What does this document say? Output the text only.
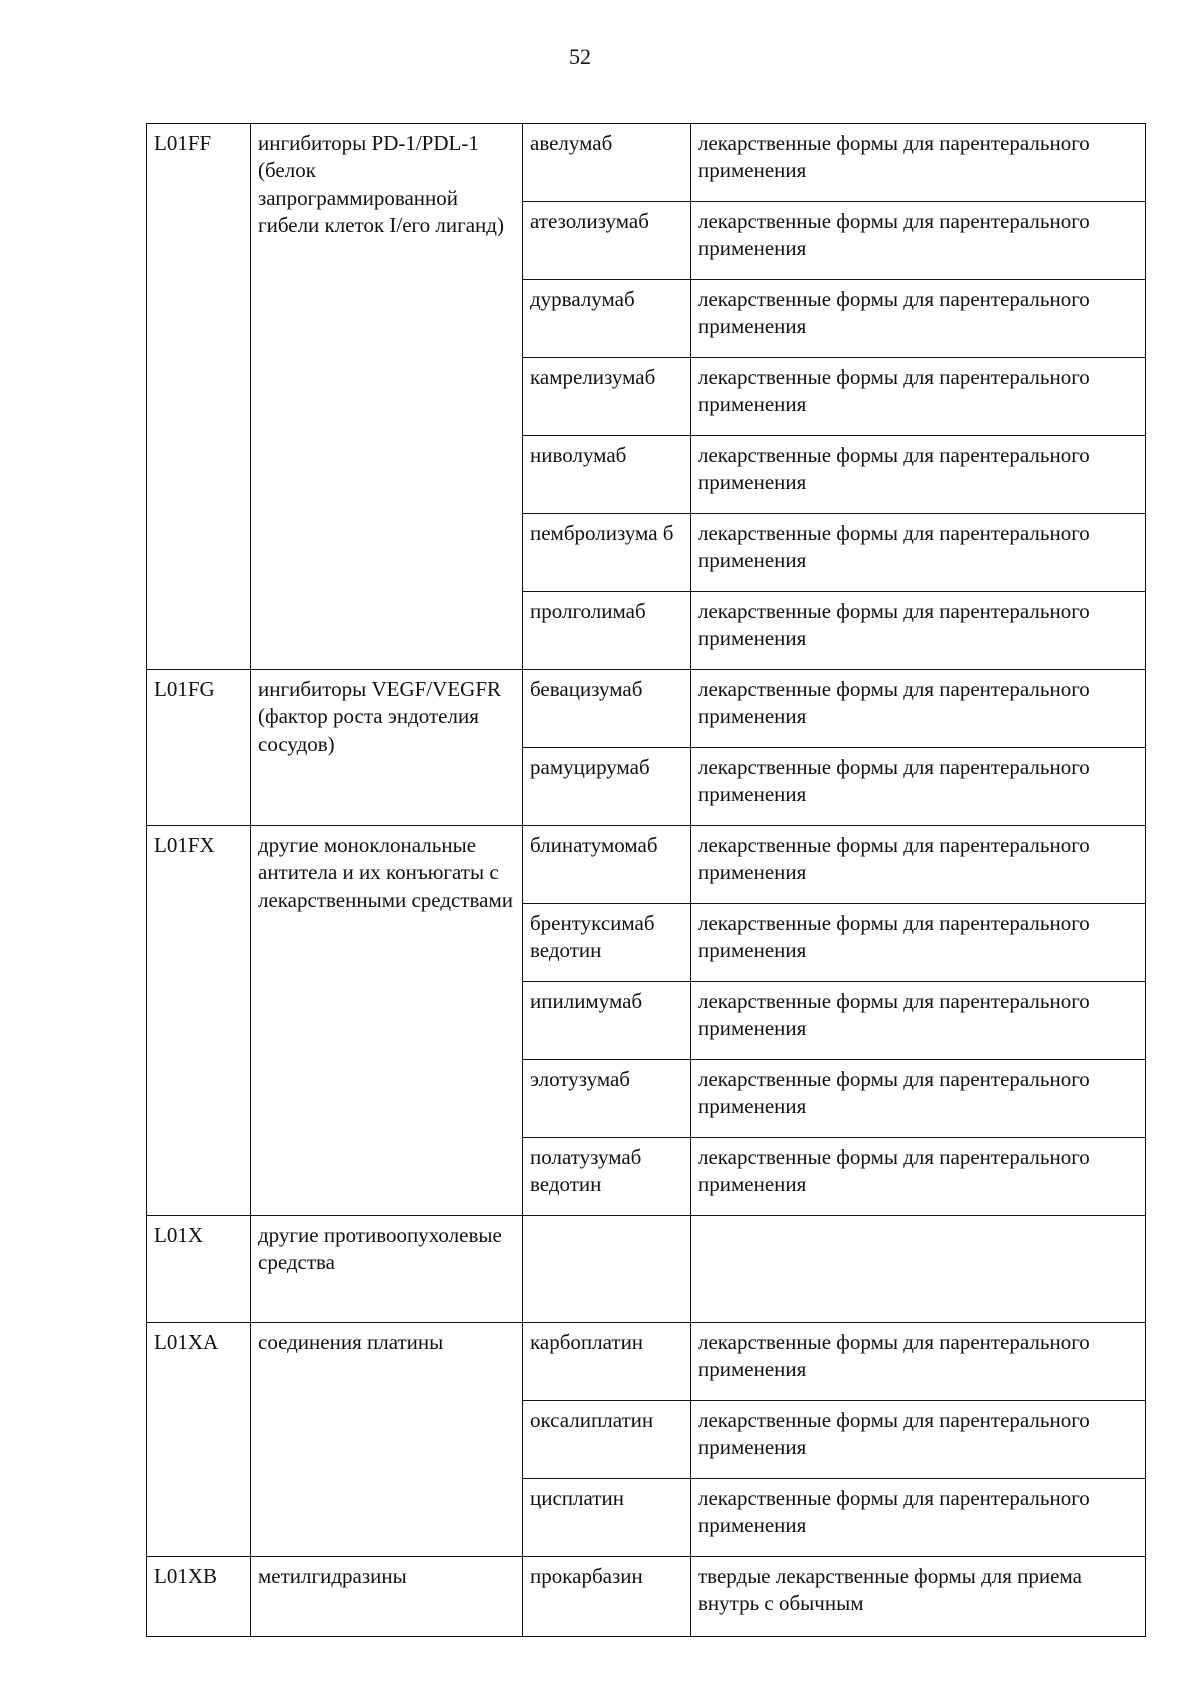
52
L01FF	ингибиторы PD-1/PDL-1 (белок запрограммированной гибели клеток I/его лиганд)	авелумаб	лекарственные формы для парентерального применения
		атезолизумаб	лекарственные формы для парентерального применения
		дурвалумаб	лекарственные формы для парентерального применения
		камрелизумаб	лекарственные формы для парентерального применения
		ниволумаб	лекарственные формы для парентерального применения
		пембролизума б	лекарственные формы для парентерального применения
		пролголимаб	лекарственные формы для парентерального применения
L01FG	ингибиторы VEGF/VEGFR (фактор роста эндотелия сосудов)	бевацизумаб	лекарственные формы для парентерального применения
		рамуцирумаб	лекарственные формы для парентерального применения
L01FX	другие моноклональные антитела и их конъюгаты с лекарственными средствами	блинатумомаб	лекарственные формы для парентерального применения
		брентуксимаб ведотин	лекарственные формы для парентерального применения
		ипилимумаб	лекарственные формы для парентерального применения
		элотузумаб	лекарственные формы для парентерального применения
		полатузумаб ведотин	лекарственные формы для парентерального применения
L01X	другие противоопухолевые средства		
L01XA	соединения платины	карбоплатин	лекарственные формы для парентерального применения
		оксалиплатин	лекарственные формы для парентерального применения
		цисплатин	лекарственные формы для парентерального применения
L01XB	метилгидразины	прокарбазин	твердые лекарственные формы для приема внутрь с обычным
